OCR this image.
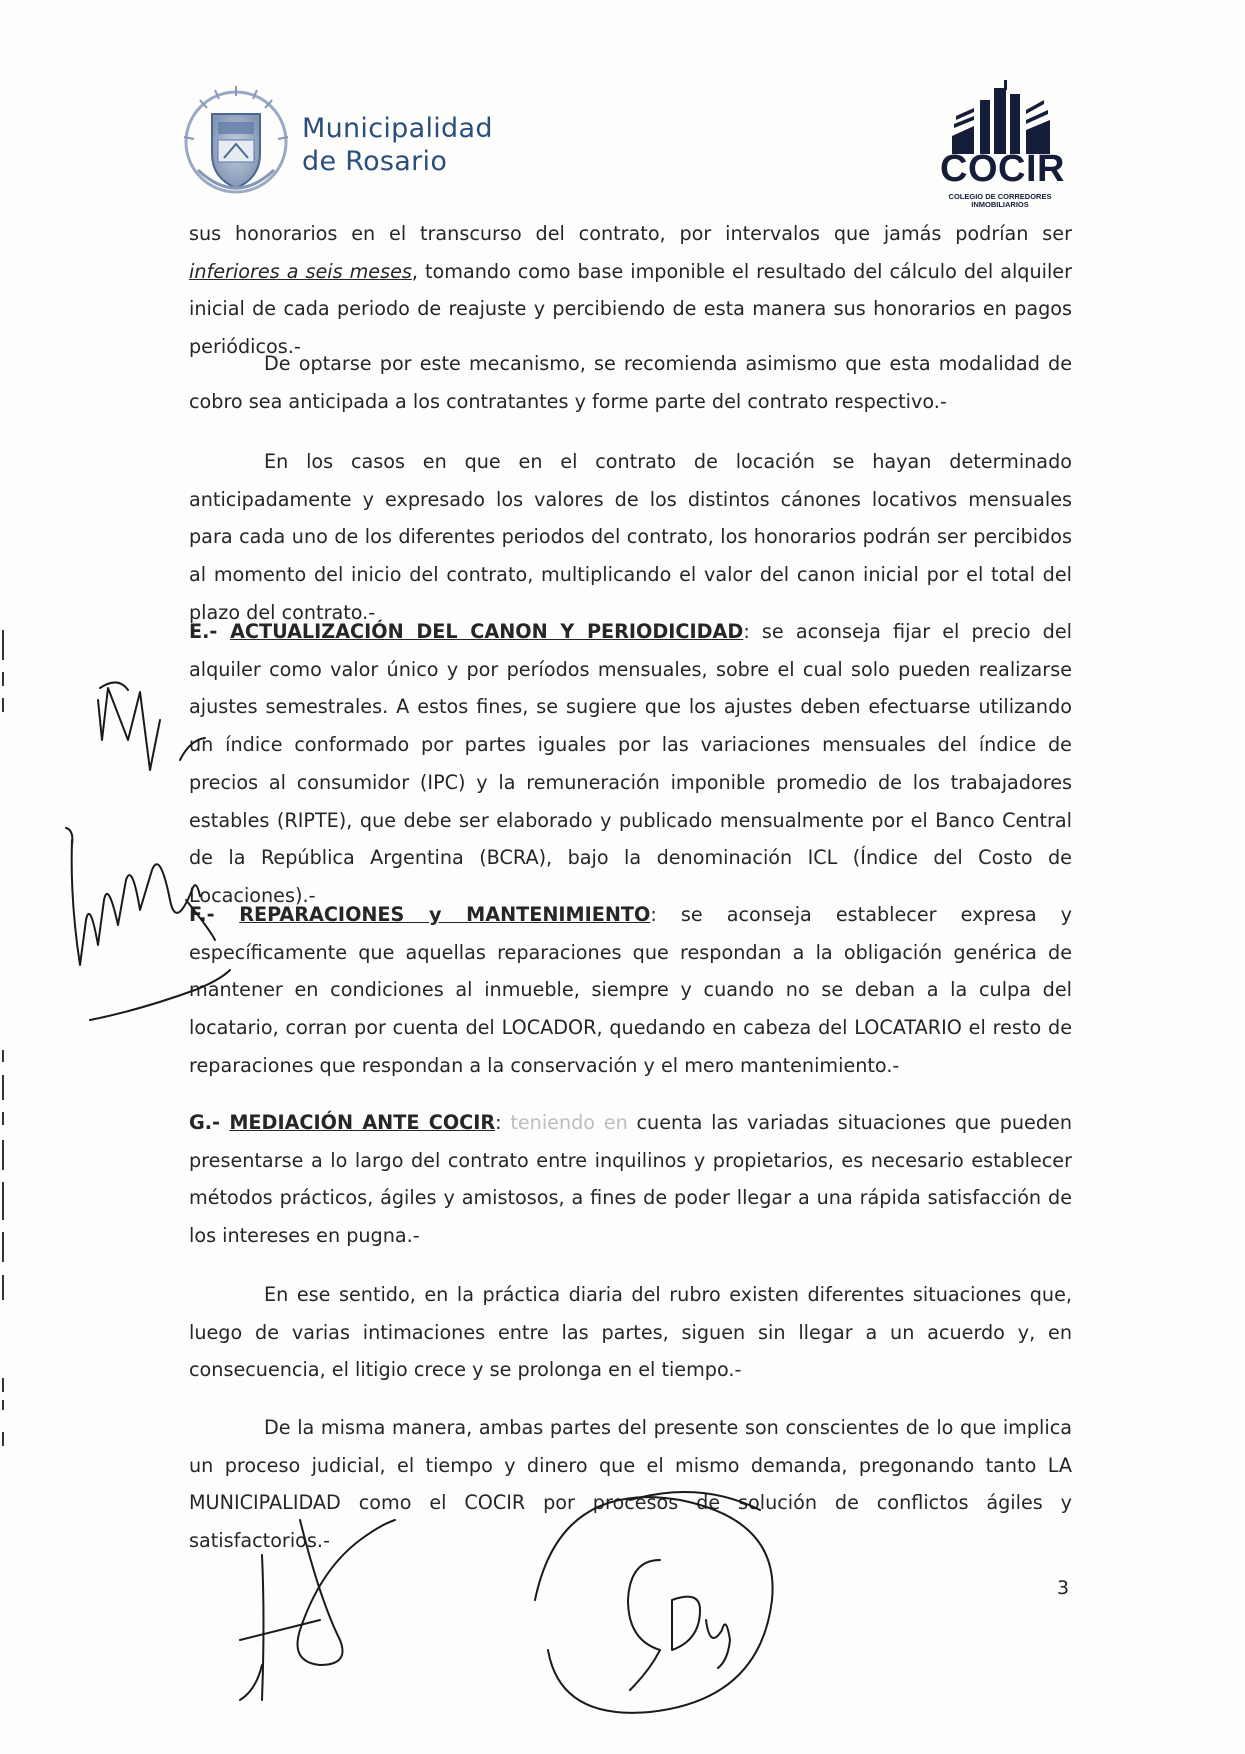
Municipalidad
de Rosario	COCIR
COLEGIO DE CORREDORES
INMOBILIARIOS
sus honorarios en el transcurso del contrato, por intervalos que jamás podrían ser inferiores a seis meses, tomando como base imponible el resultado del cálculo del alquiler inicial de cada periodo de reajuste y percibiendo de esta manera sus honorarios en pagos periódicos.-
De optarse por este mecanismo, se recomienda asimismo que esta modalidad de cobro sea anticipada a los contratantes y forme parte del contrato respectivo.-
En los casos en que en el contrato de locación se hayan determinado anticipadamente y expresado los valores de los distintos cánones locativos mensuales para cada uno de los diferentes periodos del contrato, los honorarios podrán ser percibidos al momento del inicio del contrato, multiplicando el valor del canon inicial por el total del plazo del contrato.-
E.- ACTUALIZACIÓN DEL CANON Y PERIODICIDAD: se aconseja fijar el precio del alquiler como valor único y por períodos mensuales, sobre el cual solo pueden realizarse ajustes semestrales. A estos fines, se sugiere que los ajustes deben efectuarse utilizando un índice conformado por partes iguales por las variaciones mensuales del índice de precios al consumidor (IPC) y la remuneración imponible promedio de los trabajadores estables (RIPTE), que debe ser elaborado y publicado mensualmente por el Banco Central de la República Argentina (BCRA), bajo la denominación ICL (Índice del Costo de Locaciones).-
F.- REPARACIONES y MANTENIMIENTO: se aconseja establecer expresa y específicamente que aquellas reparaciones que respondan a la obligación genérica de mantener en condiciones al inmueble, siempre y cuando no se deban a la culpa del locatario, corran por cuenta del LOCADOR, quedando en cabeza del LOCATARIO el resto de reparaciones que respondan a la conservación y el mero mantenimiento.-
G.- MEDIACIÓN ANTE COCIR: teniendo en cuenta las variadas situaciones que pueden presentarse a lo largo del contrato entre inquilinos y propietarios, es necesario establecer métodos prácticos, ágiles y amistosos, a fines de poder llegar a una rápida satisfacción de los intereses en pugna.-
En ese sentido, en la práctica diaria del rubro existen diferentes situaciones que, luego de varias intimaciones entre las partes, siguen sin llegar a un acuerdo y, en consecuencia, el litigio crece y se prolonga en el tiempo.-
De la misma manera, ambas partes del presente son conscientes de lo que implica un proceso judicial, el tiempo y dinero que el mismo demanda, pregonando tanto LA MUNICIPALIDAD como el COCIR por procesos de solución de conflictos ágiles y satisfactorios.-
3
